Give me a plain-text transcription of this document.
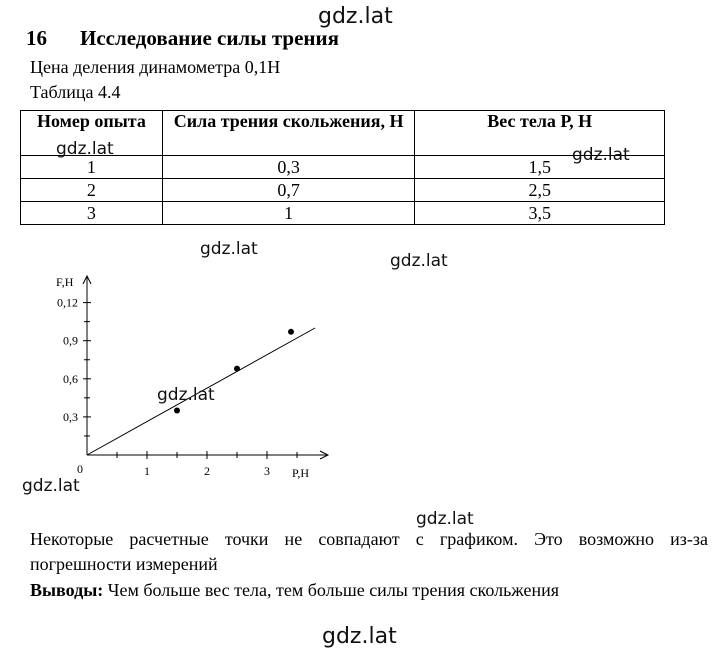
gdz.lat
16 Исследование силы трения
Цена деления динамометра 0,1Н
Таблица 4.4
Номер опыта	Сила трения скольжения, Н	Вес тела Р, Н
1	0,3	1,5
2	0,7	2,5
3	1	3,5
gdz.lat	gdz.lat
1	2	3
0,3
0,6
0,9
0,12
0
F,H
P,H
gdz.lat
gdz.lat
gdz.lat
gdz.lat
gdz.lat
Некоторые расчетные точки не совпадают с графиком. Это возможно из-за погрешности измерений
Выводы: Чем больше вес тела, тем больше силы трения скольжения
gdz.lat
